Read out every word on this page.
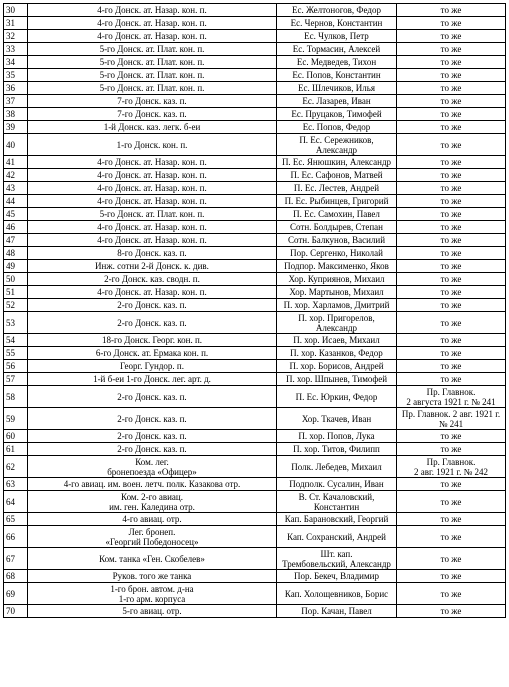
30	4-го Донск. ат. Назар. кон. п.	Ес. Желтоногов, Федор	то же

31	4-го Донск. ат. Назар. кон. п.	Ес. Чернов, Константин	то же

32	4-го Донск. ат. Назар. кон. п.	Ес. Чулков, Петр	то же

33	5-го Донск. ат. Плат. кон. п.	Ес. Тормасин, Алексей	то же

34	5-го Донск. ат. Плат. кон. п.	Ес. Медведев, Тихон	то же

35	5-го Донск. ат. Плат. кон. п.	Ес. Попов, Константин	то же

36	5-го Донск. ат. Плат. кон. п.	Ес. Шлечиков, Илья	то же

37	7-го Донск. каз. п.	Ес. Лазарев, Иван	то же

38	7-го Донск. каз. п.	Ес. Пруцаков, Тимофей	то же

39	1-й Донск. каз. легк. б-еи	Ес. Попов, Федор	то же

40	1-го Донск. кон. п.	П. Ес. Сережников,
Александр	то же

41	4-го Донск. ат. Назар. кон. п.	П. Ес. Янюшкин, Александр	то же

42	4-го Донск. ат. Назар. кон. п.	П. Ес. Сафонов, Матвей	то же

43	4-го Донск. ат. Назар. кон. п.	П. Ес. Лестев, Андрей	то же

44	4-го Донск. ат. Назар. кон. п.	П. Ес. Рыбинцев, Григорий	то же

45	5-го Донск. ат. Плат. кон. п.	П. Ес. Самохин, Павел	то же

46	4-го Донск. ат. Назар. кон. п.	Сотн. Болдырев, Степан	то же

47	4-го Донск. ат. Назар. кон. п.	Сотн. Балкунов, Василий	то же

48	8-го Донск. каз. п.	Пор. Сергенко, Николай	то же

49	Инж. сотни 2-й Донск. к. див.	Подпор. Максименко, Яков	то же

50	2-го Донск. каз. сводн. п.	Хор. Куприянов, Михаил	то же

51	4-го Донск. ат. Назар. кон. п.	Хор. Мартынов, Михаил	то же

52	2-го Донск. каз. п.	П. хор. Харламов, Дмитрий	то же

53	2-го Донск. каз. п.	П. хор. Пригорелов,
Александр	то же

54	18-го Донск. Георг. кон. п.	П. хор. Исаев, Михаил	то же

55	6-го Донск. ат. Ермака кон. п.	П. хор. Казанков, Федор	то же

56	Георг. Гундор. п.	П. хор. Борисов, Андрей	то же

57	1-й б-еи 1-го Донск. лег. арт. д.	П. хор. Шпынев, Тимофей	то же

58	2-го Донск. каз. п.	П. Ес. Юркин, Федор	Пр. Главнок.
2 августа 1921 г. № 241

59	2-го Донск. каз. п.	Хор. Ткачев, Иван	Пр. Главнок. 2 авг. 1921 г.
№ 241

60	2-го Донск. каз. п.	П. хор. Попов, Лука	то же

61	2-го Донск. каз. п.	П. хор. Титов, Филипп	то же

62	Ком. лег.
бронепоезда «Офицер»	Полк. Лебедев, Михаил	Пр. Главнок.
2 авг. 1921 г. № 242

63	4-го авиац. им. воен. летч. полк. Казакова отр.	Подполк. Сусалин, Иван	то же

64	Ком. 2-го авиац.
им. ген. Каледина отр.	В. Ст. Качаловский,
Константин	то же

65	4-го авиац. отр.	Кап. Барановский, Георгий	то же

66	Лег. бронеп.
«Георгий Победоносец»	Кап. Сохранский, Андрей	то же

67	Ком. танка «Ген. Скобелев»	Шт. кап.
Трембовельский, Александр	то же

68	Руков. того же танка	Пор. Бекеч, Владимир	то же

69	1-го брон. автом. д-на
1-го арм. корпуса	Кап. Холощевников, Борис	то же

70	5-го авиац. отр.	Пор. Качан, Павел	то же
